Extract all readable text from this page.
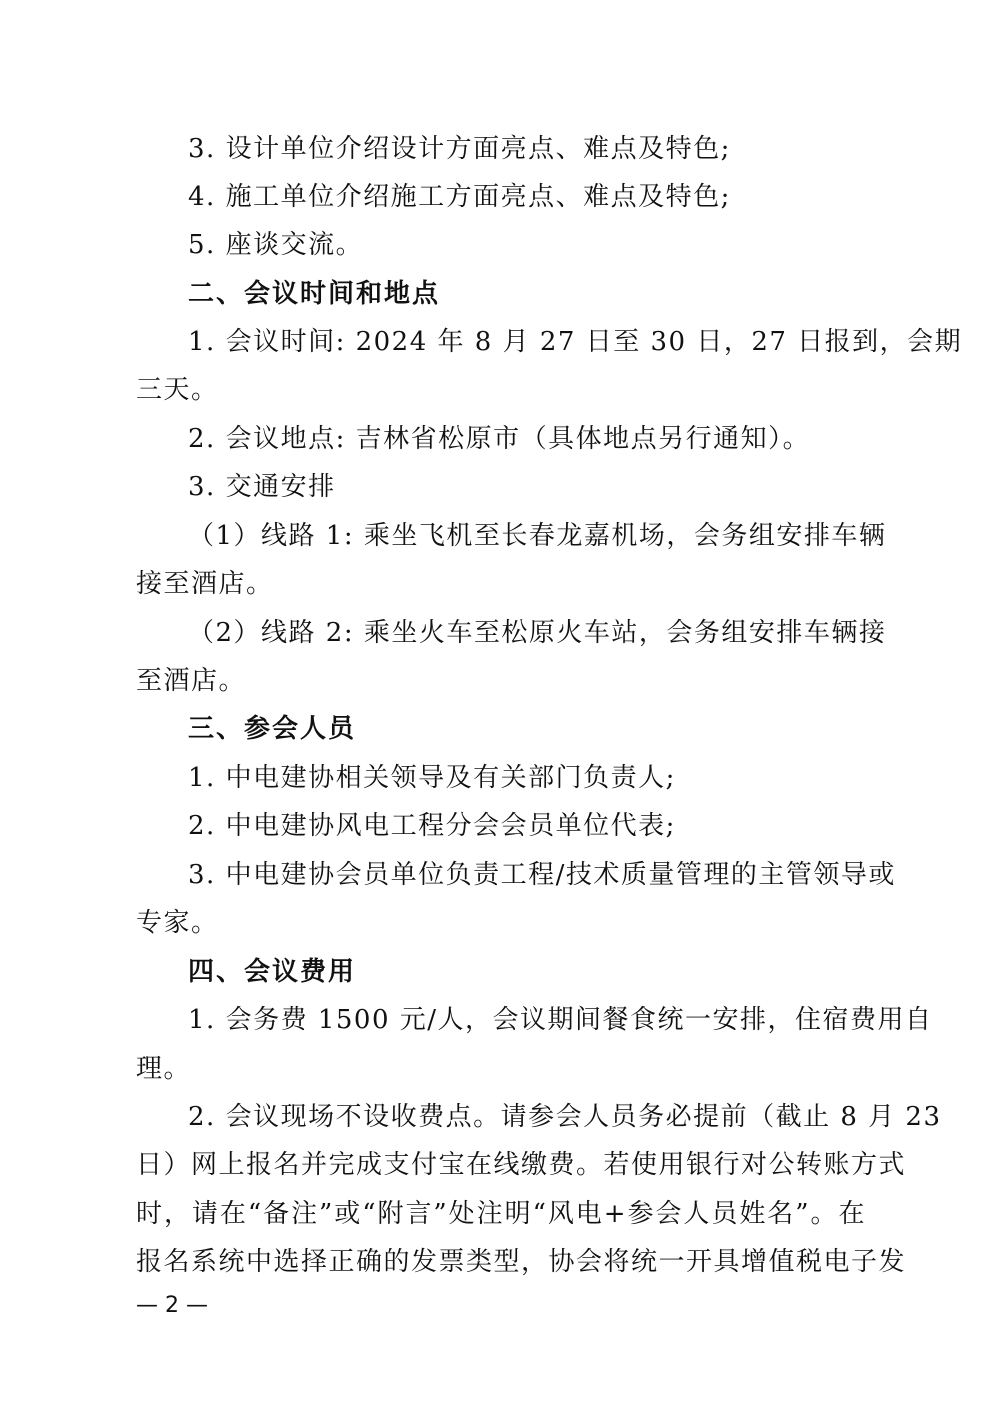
3. 设计单位介绍设计方面亮点、难点及特色;
4. 施工单位介绍施工方面亮点、难点及特色;
5. 座谈交流。
二、会议时间和地点
1. 会议时间: 2024 年 8 月 27 日至 30 日，27 日报到，会期
三天。
2. 会议地点: 吉林省松原市（具体地点另行通知）。
3. 交通安排
（1）线路 1: 乘坐飞机至长春龙嘉机场，会务组安排车辆
接至酒店。
（2）线路 2: 乘坐火车至松原火车站，会务组安排车辆接
至酒店。
三、参会人员
1. 中电建协相关领导及有关部门负责人;
2. 中电建协风电工程分会会员单位代表;
3. 中电建协会员单位负责工程/技术质量管理的主管领导或
专家。
四、会议费用
1. 会务费 1500 元/人，会议期间餐食统一安排，住宿费用自
理。
2. 会议现场不设收费点。请参会人员务必提前（截止 8 月 23
日）网上报名并完成支付宝在线缴费。若使用银行对公转账方式
时，请在“备注”或“附言”处注明“风电+参会人员姓名”。在
报名系统中选择正确的发票类型，协会将统一开具增值税电子发
— 2 —
